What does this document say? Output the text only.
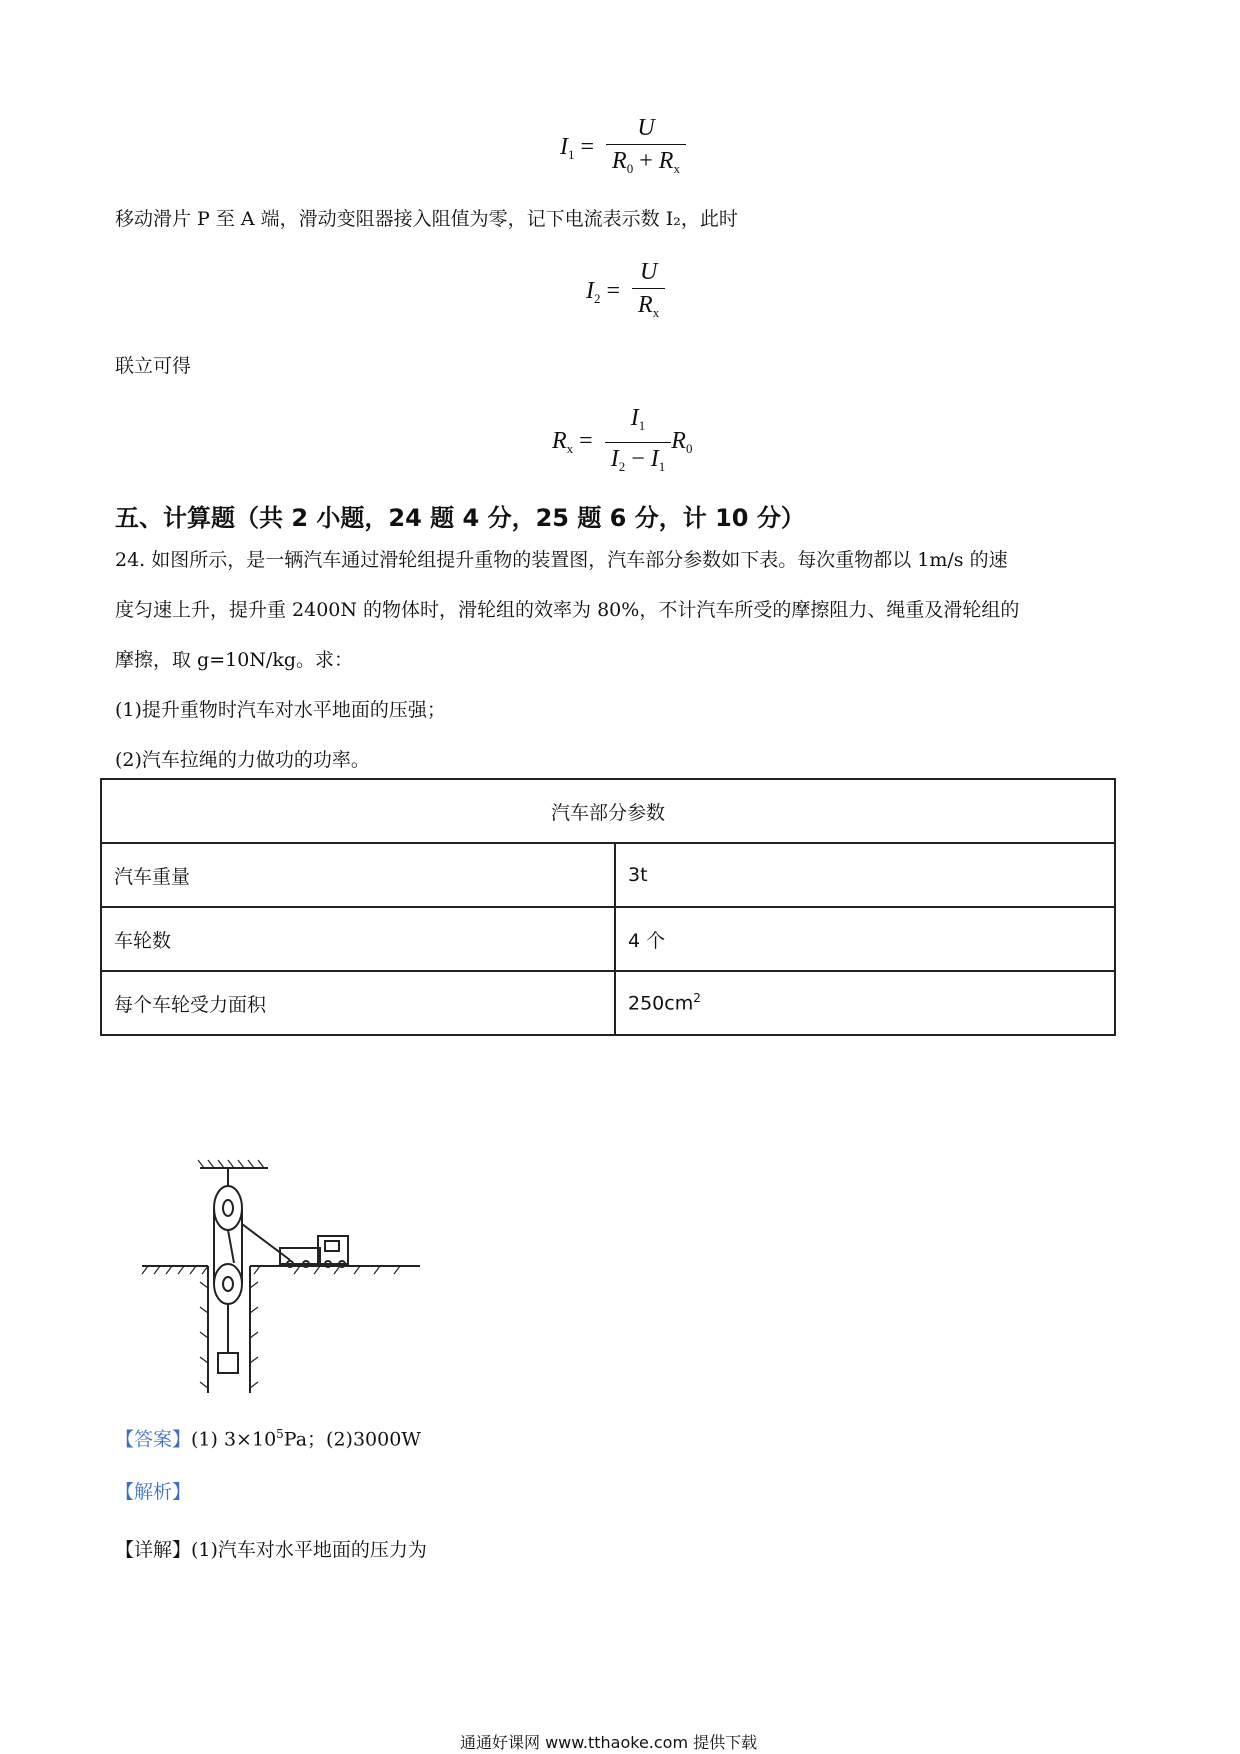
$I_1 = \frac{U}{R_0 + R_x}$
移动滑片 P 至 A 端，滑动变阻器接入阻值为零，记下电流表示数 I₂，此时
$I_2 = \frac{U}{R_x}$
联立可得
$R_x = \frac{I_1}{I_2 - I_1} R_0$
五、计算题（共 2 小题，24 题 4 分，25 题 6 分，计 10 分）
24. 如图所示，是一辆汽车通过滑轮组提升重物的装置图，汽车部分参数如下表。每次重物都以 1m/s 的速
度匀速上升，提升重 2400N 的物体时，滑轮组的效率为 80%，不计汽车所受的摩擦阻力、绳重及滑轮组的
摩擦，取 g=10N/kg。求：
(1)提升重物时汽车对水平地面的压强；
(2)汽车拉绳的力做功的功率。
汽车部分参数	
汽车重量	3t
车轮数	4 个
每个车轮受力面积	$250cm^2$
【答案】(1) $3\times 10^5Pa$；(2)3000W
【解析】
【详解】(1)汽车对水平地面的压力为
通通好课网 www.tthaoke.com 提供下载
